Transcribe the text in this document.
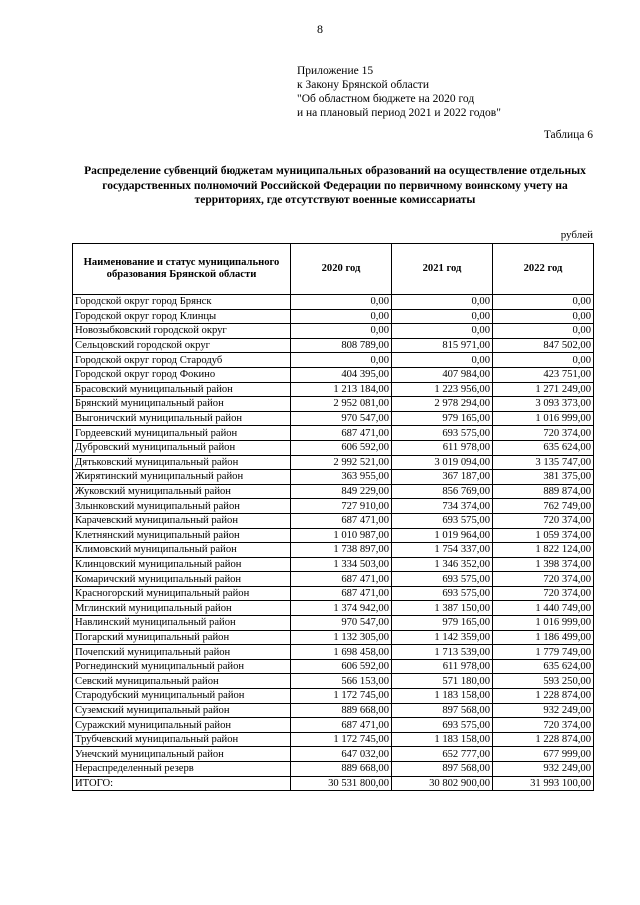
8
Приложение 15
к Закону Брянской области
"Об областном бюджете на 2020 год
и на плановый период 2021 и 2022 годов"
Таблица 6
Распределение субвенций бюджетам муниципальных образований на осуществление отдельных государственных полномочий Российской Федерации по первичному воинскому учету на территориях, где отсутствуют военные комиссариаты
рублей
Наименование и статус муниципального образования Брянской области	2020 год	2021 год	2022 год
Городской округ город Брянск	0,00	0,00	0,00
Городской округ город Клинцы	0,00	0,00	0,00
Новозыбковский городской округ	0,00	0,00	0,00
Сельцовский городской округ	808 789,00	815 971,00	847 502,00
Городской округ город Стародуб	0,00	0,00	0,00
Городской округ город Фокино	404 395,00	407 984,00	423 751,00
Брасовский муниципальный район	1 213 184,00	1 223 956,00	1 271 249,00
Брянский муниципальный район	2 952 081,00	2 978 294,00	3 093 373,00
Выгоничский муниципальный район	970 547,00	979 165,00	1 016 999,00
Гордеевский муниципальный район	687 471,00	693 575,00	720 374,00
Дубровский муниципальный район	606 592,00	611 978,00	635 624,00
Дятьковский муниципальный район	2 992 521,00	3 019 094,00	3 135 747,00
Жирятинский муниципальный район	363 955,00	367 187,00	381 375,00
Жуковский муниципальный район	849 229,00	856 769,00	889 874,00
Злынковский муниципальный район	727 910,00	734 374,00	762 749,00
Карачевский муниципальный район	687 471,00	693 575,00	720 374,00
Клетнянский муниципальный район	1 010 987,00	1 019 964,00	1 059 374,00
Климовский муниципальный район	1 738 897,00	1 754 337,00	1 822 124,00
Клинцовский муниципальный район	1 334 503,00	1 346 352,00	1 398 374,00
Комаричский муниципальный район	687 471,00	693 575,00	720 374,00
Красногорский муниципальный район	687 471,00	693 575,00	720 374,00
Мглинский муниципальный район	1 374 942,00	1 387 150,00	1 440 749,00
Навлинский муниципальный район	970 547,00	979 165,00	1 016 999,00
Погарский муниципальный район	1 132 305,00	1 142 359,00	1 186 499,00
Почепский муниципальный район	1 698 458,00	1 713 539,00	1 779 749,00
Рогнединский муниципальный район	606 592,00	611 978,00	635 624,00
Севский муниципальный район	566 153,00	571 180,00	593 250,00
Стародубский муниципальный район	1 172 745,00	1 183 158,00	1 228 874,00
Суземский муниципальный район	889 668,00	897 568,00	932 249,00
Суражский муниципальный район	687 471,00	693 575,00	720 374,00
Трубчевский муниципальный район	1 172 745,00	1 183 158,00	1 228 874,00
Унечский муниципальный район	647 032,00	652 777,00	677 999,00
Нераспределенный резерв	889 668,00	897 568,00	932 249,00
ИТОГО:	30 531 800,00	30 802 900,00	31 993 100,00
